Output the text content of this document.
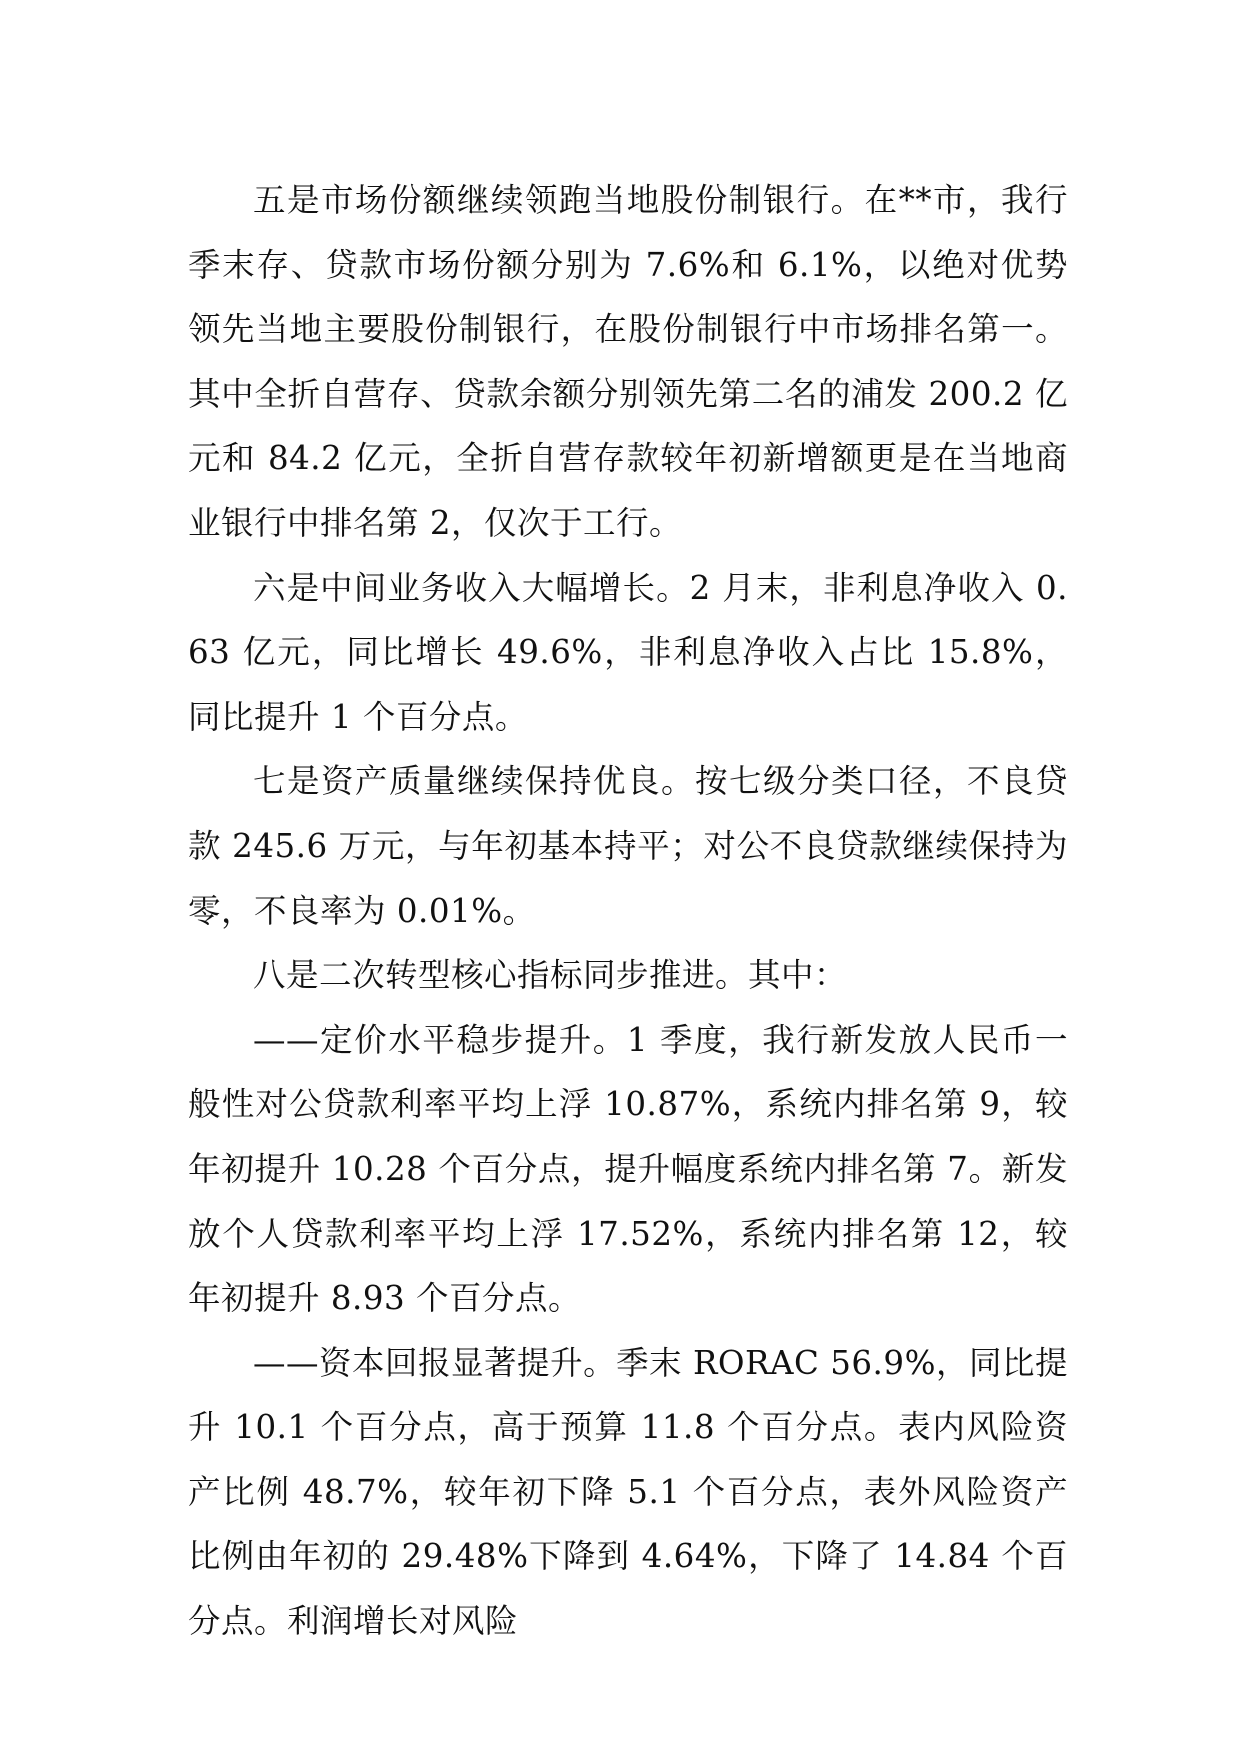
五是市场份额继续领跑当地股份制银行。在**市，我行季末存、贷款市场份额分别为 7.6%和 6.1%，以绝对优势领先当地主要股份制银行，在股份制银行中市场排名第一。其中全折自营存、贷款余额分别领先第二名的浦发 200.2 亿元和 84.2 亿元，全折自营存款较年初新增额更是在当地商业银行中排名第 2，仅次于工行。

六是中间业务收入大幅增长。2 月末，非利息净收入 0.63 亿元，同比增长 49.6%，非利息净收入占比 15.8%，同比提升 1 个百分点。

七是资产质量继续保持优良。按七级分类口径，不良贷款 245.6 万元，与年初基本持平；对公不良贷款继续保持为零，不良率为 0.01%。

八是二次转型核心指标同步推进。其中：

——定价水平稳步提升。1 季度，我行新发放人民币一般性对公贷款利率平均上浮 10.87%，系统内排名第 9，较年初提升 10.28 个百分点，提升幅度系统内排名第 7。新发放个人贷款利率平均上浮 17.52%，系统内排名第 12，较年初提升 8.93 个百分点。

——资本回报显著提升。季末 RORAC 56.9%，同比提升 10.1 个百分点，高于预算 11.8 个百分点。表内风险资产比例 48.7%，较年初下降 5.1 个百分点，表外风险资产比例由年初的 29.48%下降到 4.64%，下降了 14.84 个百分点。利润增长对风险
